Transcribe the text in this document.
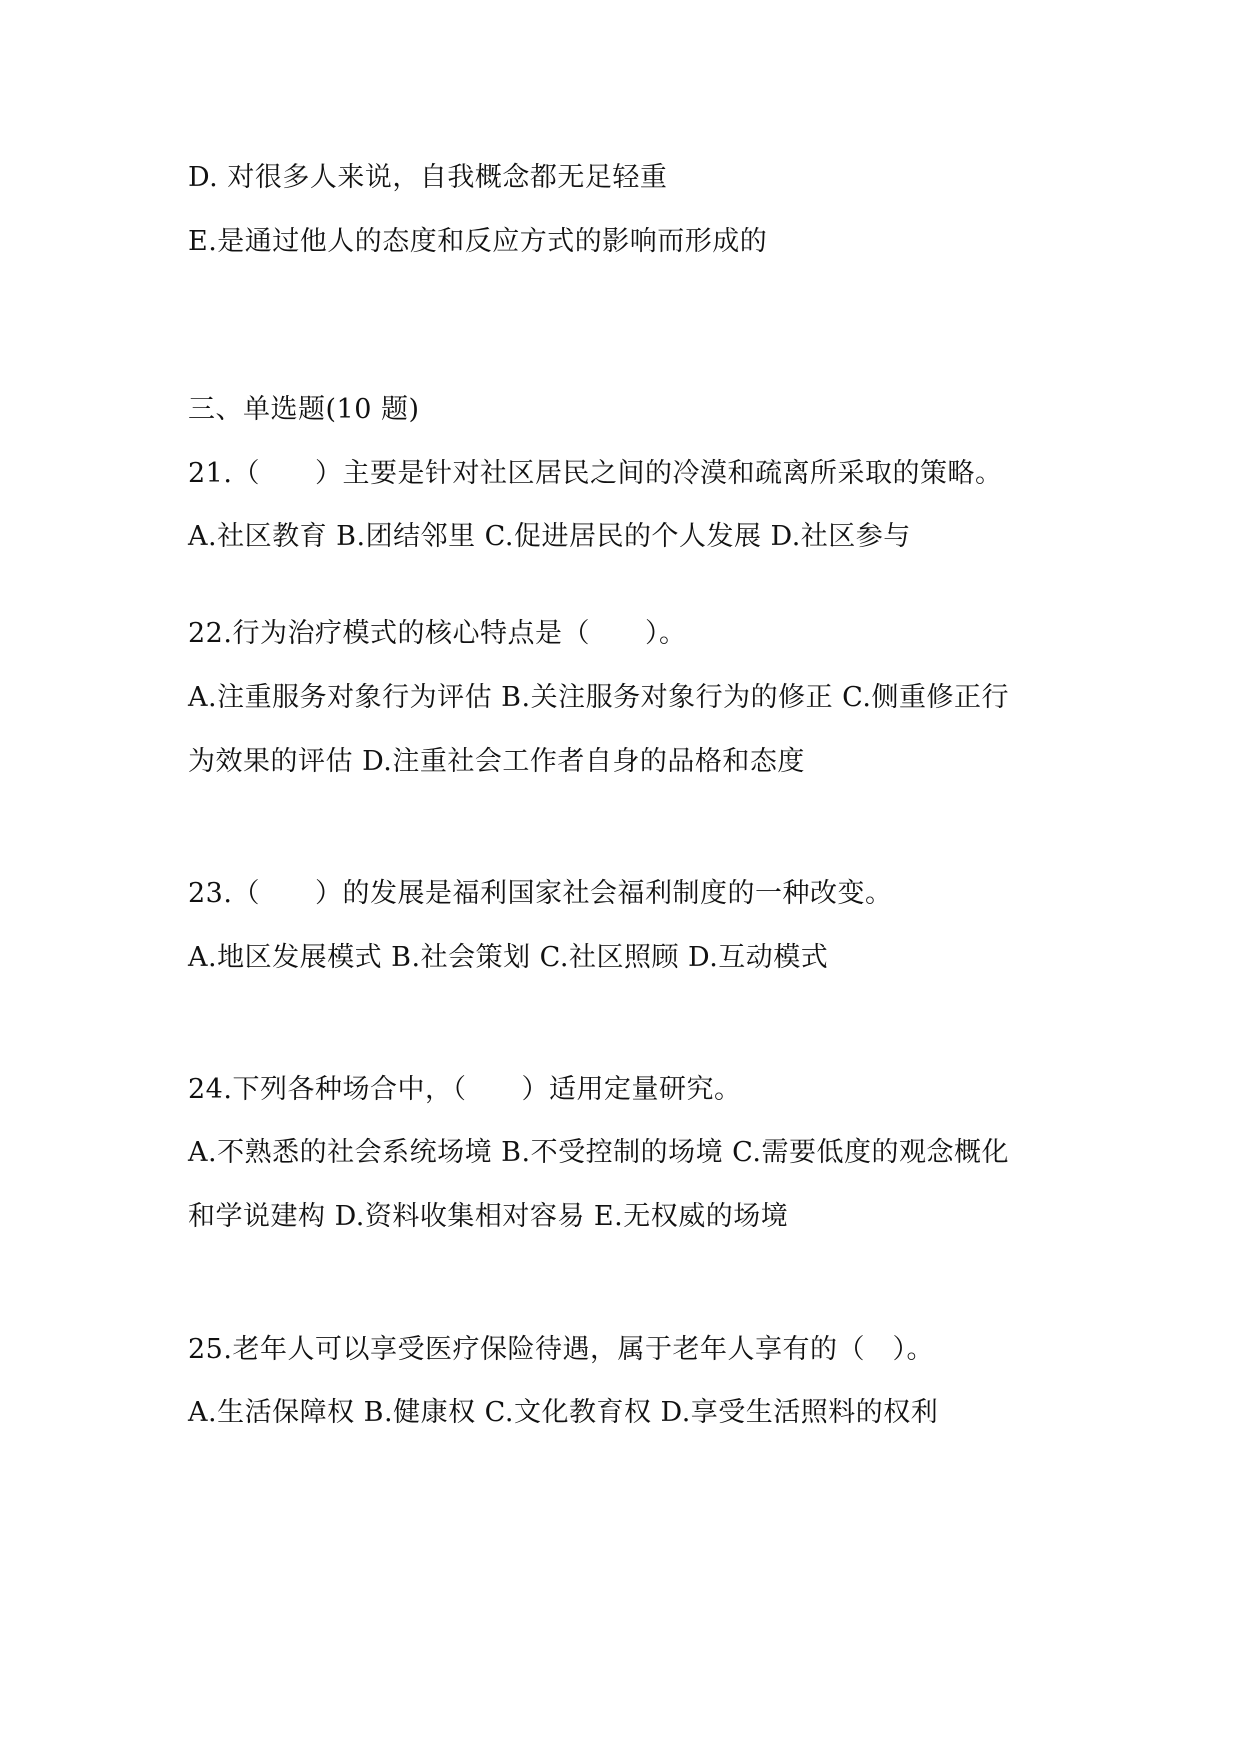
D. 对很多人来说，自我概念都无足轻重
E.是通过他人的态度和反应方式的影响而形成的
三、单选题(10 题)
21.（　　）主要是针对社区居民之间的冷漠和疏离所采取的策略。
A.社区教育 B.团结邻里 C.促进居民的个人发展 D.社区参与
22.行为治疗模式的核心特点是（　　）。
A.注重服务对象行为评估 B.关注服务对象行为的修正 C.侧重修正行
为效果的评估 D.注重社会工作者自身的品格和态度
23.（　　）的发展是福利国家社会福利制度的一种改变。
A.地区发展模式 B.社会策划 C.社区照顾 D.互动模式
24.下列各种场合中，（　　）适用定量研究。
A.不熟悉的社会系统场境 B.不受控制的场境 C.需要低度的观念概化
和学说建构 D.资料收集相对容易 E.无权威的场境
25.老年人可以享受医疗保险待遇，属于老年人享有的（　）。
A.生活保障权 B.健康权 C.文化教育权 D.享受生活照料的权利
